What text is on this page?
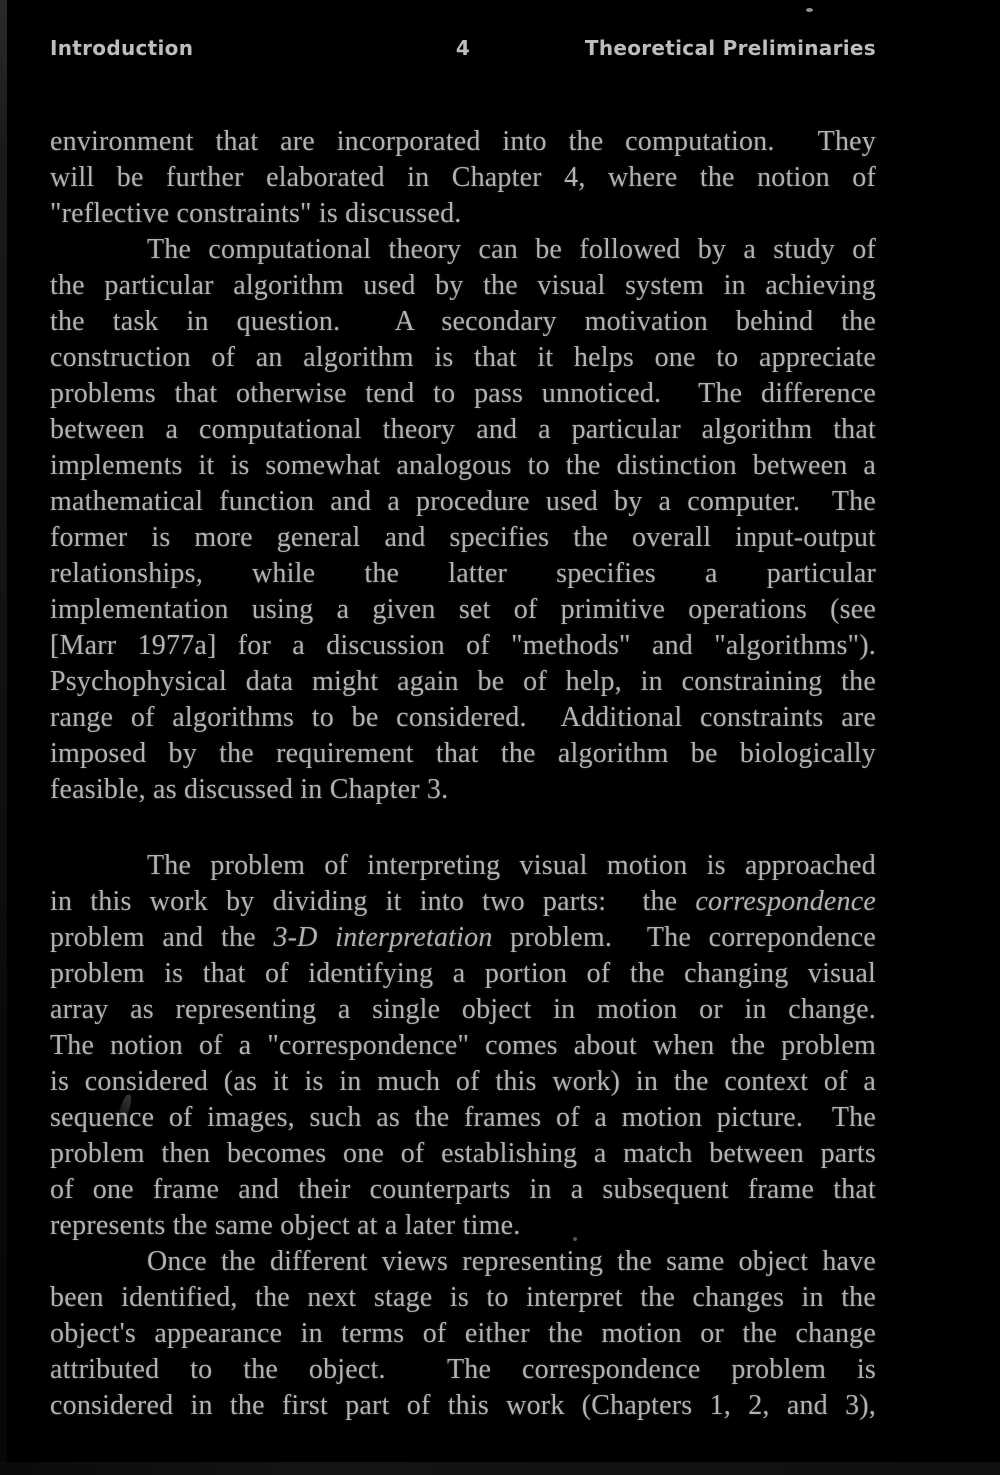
Introduction	4	Theoretical Preliminaries
environment that are incorporated into the computation.  They
will be further elaborated in Chapter 4, where the notion of
"reflective constraints" is discussed.
The computational theory can be followed by a study of
the particular algorithm used by the visual system in achieving
the task in question.  A secondary motivation behind the
construction of an algorithm is that it helps one to appreciate
problems that otherwise tend to pass unnoticed.  The difference
between a computational theory and a particular algorithm that
implements it is somewhat analogous to the distinction between a
mathematical function and a procedure used by a computer.  The
former is more general and specifies the overall input-output
relationships, while the latter specifies a particular
implementation using a given set of primitive operations (see
[Marr 1977a] for a discussion of "methods" and "algorithms").
Psychophysical data might again be of help, in constraining the
range of algorithms to be considered.  Additional constraints are
imposed by the requirement that the algorithm be biologically
feasible, as discussed in Chapter 3.
The problem of interpreting visual motion is approached
in this work by dividing it into two parts:  the correspondence
problem and the 3-D interpretation problem.  The correpondence
problem is that of identifying a portion of the changing visual
array as representing a single object in motion or in change.
The notion of a "correspondence" comes about when the problem
is considered (as it is in much of this work) in the context of a
sequence of images, such as the frames of a motion picture.  The
problem then becomes one of establishing a match between parts
of one frame and their counterparts in a subsequent frame that
represents the same object at a later time.
Once the different views representing the same object have
been identified, the next stage is to interpret the changes in the
object's appearance in terms of either the motion or the change
attributed to the object.  The correspondence problem is
considered in the first part of this work (Chapters 1, 2, and 3),
